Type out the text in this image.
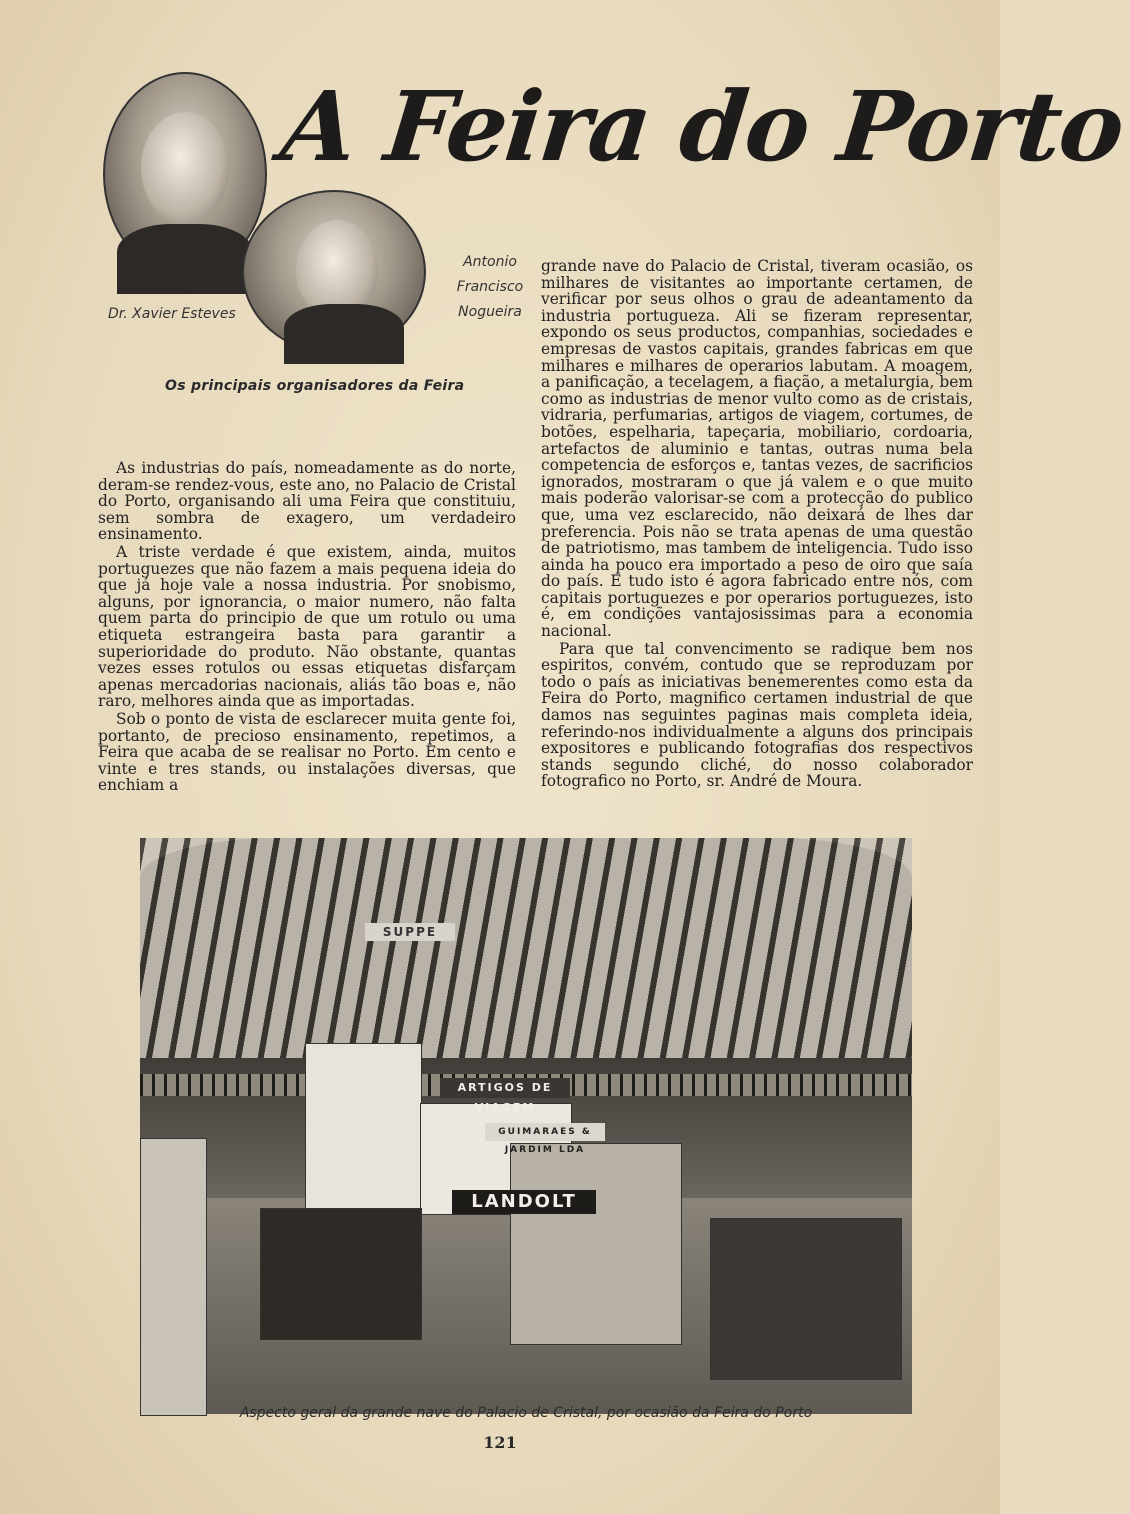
A Feira do Porto
Dr. Xavier Esteves
Antonio
Francisco
Nogueira
Os principais organisadores da Feira

As industrias do país, nomeadamente as do norte, deram-se rendez-vous, este ano, no Palacio de Cristal do Porto, organisando ali uma Feira que constituiu, sem sombra de exagero, um verdadeiro ensinamento.

A triste verdade é que existem, ainda, muitos portuguezes que não fazem a mais pequena ideia do que já hoje vale a nossa industria. Por snobismo, alguns, por ignorancia, o maior numero, não falta quem parta do principio de que um rotulo ou uma etiqueta estrangeira basta para garantir a superioridade do produto. Não obstante, quantas vezes esses rotulos ou essas etiquetas disfarçam apenas mercadorias nacionais, aliás tão boas e, não raro, melhores ainda que as importadas.

Sob o ponto de vista de esclarecer muita gente foi, portanto, de precioso ensinamento, repetimos, a Feira que acaba de se realisar no Porto. Em cento e vinte e tres stands, ou instalações diversas, que enchiam a

grande nave do Palacio de Cristal, tiveram ocasião, os milhares de visitantes ao importante certamen, de verificar por seus olhos o grau de adeantamento da industria portugueza. Ali se fizeram representar, expondo os seus productos, companhias, sociedades e empresas de vastos capitais, grandes fabricas em que milhares e milhares de operarios labutam. A moagem, a panificação, a tecelagem, a fiação, a metalurgia, bem como as industrias de menor vulto como as de cristais, vidraria, perfumarias, artigos de viagem, cortumes, de botões, espelharia, tapeçaria, mobiliario, cordoaria, artefactos de aluminio e tantas, outras numa bela competencia de esforços e, tantas vezes, de sacrificios ignorados, mostraram o que já valem e o que muito mais poderão valorisar-se com a protecção do publico que, uma vez esclarecido, não deixará de lhes dar preferencia. Pois não se trata apenas de uma questão de patriotismo, mas tambem de inteligencia. Tudo isso ainda ha pouco era importado a peso de oiro que saía do país. E tudo isto é agora fabricado entre nós, com capitais portuguezes e por operarios portuguezes, isto é, em condições vantajosissimas para a economia nacional.

Para que tal convencimento se radique bem nos espiritos, convém, contudo que se reproduzam por todo o país as iniciativas benemerentes como esta da Feira do Porto, magnifico certamen industrial de que damos nas seguintes paginas mais completa ideia, referindo-nos individualmente a alguns dos principais expositores e publicando fotografias dos respectivos stands segundo cliché, do nosso colaborador fotografico no Porto, sr. André de Moura.

SUPPE
ARTIGOS DE VIAGEM
GUIMARAES & JARDIM LDA
LANDOLT
Aspecto geral da grande nave do Palacio de Cristal, por ocasião da Feira do Porto
121
